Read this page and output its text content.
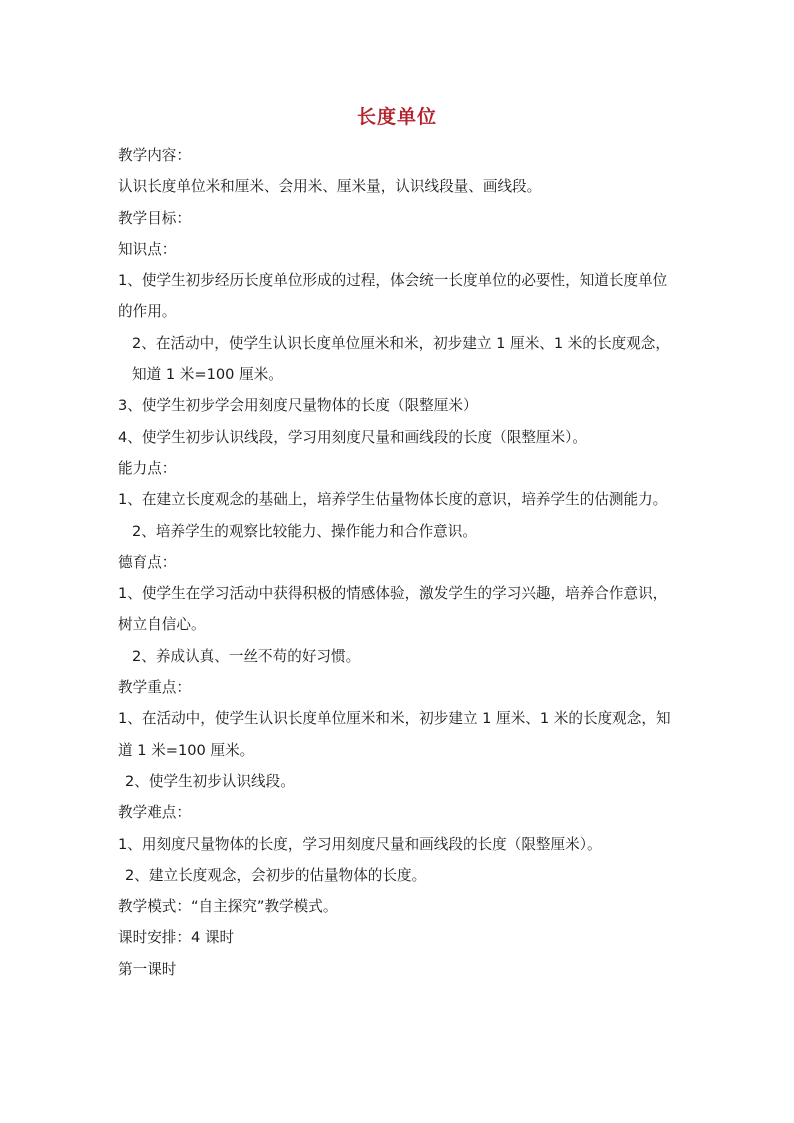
长度单位

教学内容：

认识长度单位米和厘米、会用米、厘米量，认识线段量、画线段。

教学目标：

知识点：

1、使学生初步经历长度单位形成的过程，体会统一长度单位的必要性，知道长度单位的作用。

2、在活动中，使学生认识长度单位厘米和米，初步建立 1 厘米、1 米的长度观念，知道 1 米=100 厘米。

3、使学生初步学会用刻度尺量物体的长度（限整厘米）

4、使学生初步认识线段，学习用刻度尺量和画线段的长度（限整厘米）。

能力点：

1、在建立长度观念的基础上，培养学生估量物体长度的意识，培养学生的估测能力。

2、培养学生的观察比较能力、操作能力和合作意识。

德育点：

1、使学生在学习活动中获得积极的情感体验，激发学生的学习兴趣，培养合作意识，树立自信心。

2、养成认真、一丝不苟的好习惯。

教学重点：

1、在活动中，使学生认识长度单位厘米和米，初步建立 1 厘米、1 米的长度观念，知道 1 米=100 厘米。

2、使学生初步认识线段。

教学难点：

1、用刻度尺量物体的长度，学习用刻度尺量和画线段的长度（限整厘米）。

2、建立长度观念，会初步的估量物体的长度。

教学模式：“自主探究”教学模式。

课时安排：4 课时

第一课时
